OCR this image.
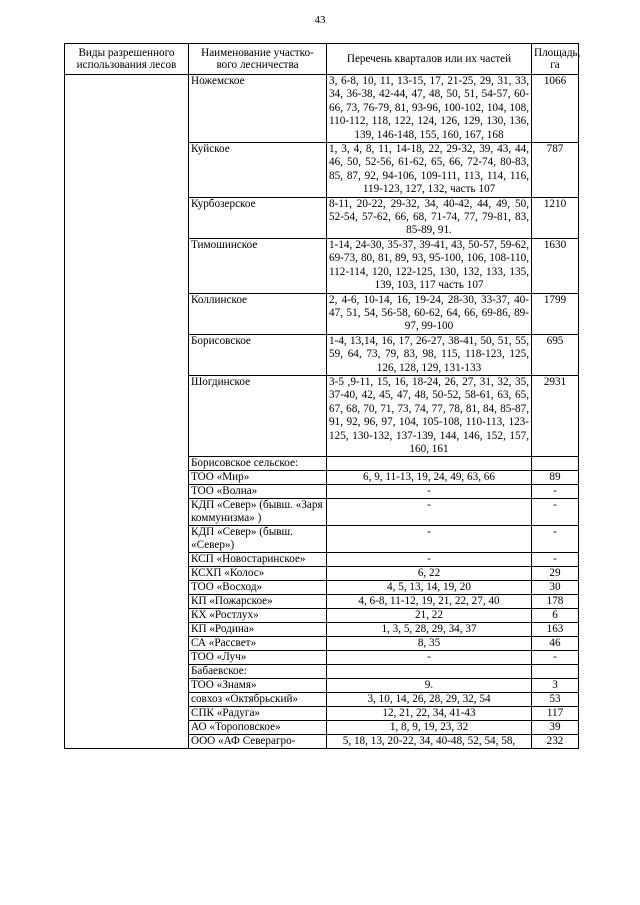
43
Виды разрешенного использования лесов	Наименование участко-вого лесничества	Перечень кварталов или их частей	Площадь, га
	Ножемское	3, 6-8, 10, 11, 13-15, 17, 21-25, 29, 31, 33, 34, 36-38, 42-44, 47, 48, 50, 51, 54-57, 60-66, 73, 76-79, 81, 93-96, 100-102, 104, 108, 110-112, 118, 122, 124, 126, 129, 130, 136, 139, 146-148, 155, 160, 167, 168	1066
	Куйское	1, 3, 4, 8, 11, 14-18, 22, 29-32, 39, 43, 44, 46, 50, 52-56, 61-62, 65, 66, 72-74, 80-83, 85, 87, 92, 94-106, 109-111, 113, 114, 116, 119-123, 127, 132, часть 107	787
	Курбозерское	8-11, 20-22, 29-32, 34, 40-42, 44, 49, 50, 52-54, 57-62, 66, 68, 71-74, 77, 79-81, 83, 85-89, 91.	1210
	Тимошинское	1-14, 24-30, 35-37, 39-41, 43, 50-57, 59-62, 69-73, 80, 81, 89, 93, 95-100, 106, 108-110, 112-114, 120, 122-125, 130, 132, 133, 135, 139, 103, 117 часть 107	1630
	Коллинское	2, 4-6, 10-14, 16, 19-24, 28-30, 33-37, 40-47, 51, 54, 56-58, 60-62, 64, 66, 69-86, 89-97, 99-100	1799
	Борисовское	1-4, 13,14, 16, 17, 26-27, 38-41, 50, 51, 55, 59, 64, 73, 79, 83, 98, 115, 118-123, 125, 126, 128, 129, 131-133	695
	Шогдинское	3-5 ,9-11, 15, 16, 18-24, 26, 27, 31, 32, 35, 37-40, 42, 45, 47, 48, 50-52, 58-61, 63, 65, 67, 68, 70, 71, 73, 74, 77, 78, 81, 84, 85-87, 91, 92, 96, 97, 104, 105-108, 110-113, 123-125, 130-132, 137-139, 144, 146, 152, 157, 160, 161	2931
	Борисовское сельское:		
	ТОО «Мир»	6, 9, 11-13, 19, 24, 49, 63, 66	89
	ТОО «Волна»	-	-
	КДП «Север» (бывш. «Заря коммунизма» )	-	-
	КДП «Север» (бывш. «Север»)	-	-
	КСП «Новостаринское»	-	-
	КСХП «Колос»	6, 22	29
	ТОО «Восход»	4, 5, 13, 14, 19, 20	30
	КП «Пожарское»	4, 6-8, 11-12, 19, 21, 22, 27, 40	178
	КХ «Ростлух»	21, 22	6
	КП «Родина»	1, 3, 5, 28, 29, 34, 37	163
	СА «Рассвет»	8, 35	46
	ТОО «Луч»	-	-
	Бабаевское:		
	ТОО «Знамя»	9.	3
	совхоз «Октябрьский»	3, 10, 14, 26, 28, 29, 32, 54	53
	СПК «Радуга»	12, 21, 22, 34, 41-43	117
	АО «Тороповское»	1, 8, 9, 19, 23, 32	39
	ООО «АФ Северагро-	5, 18, 13, 20-22, 34, 40-48, 52, 54, 58,	232
